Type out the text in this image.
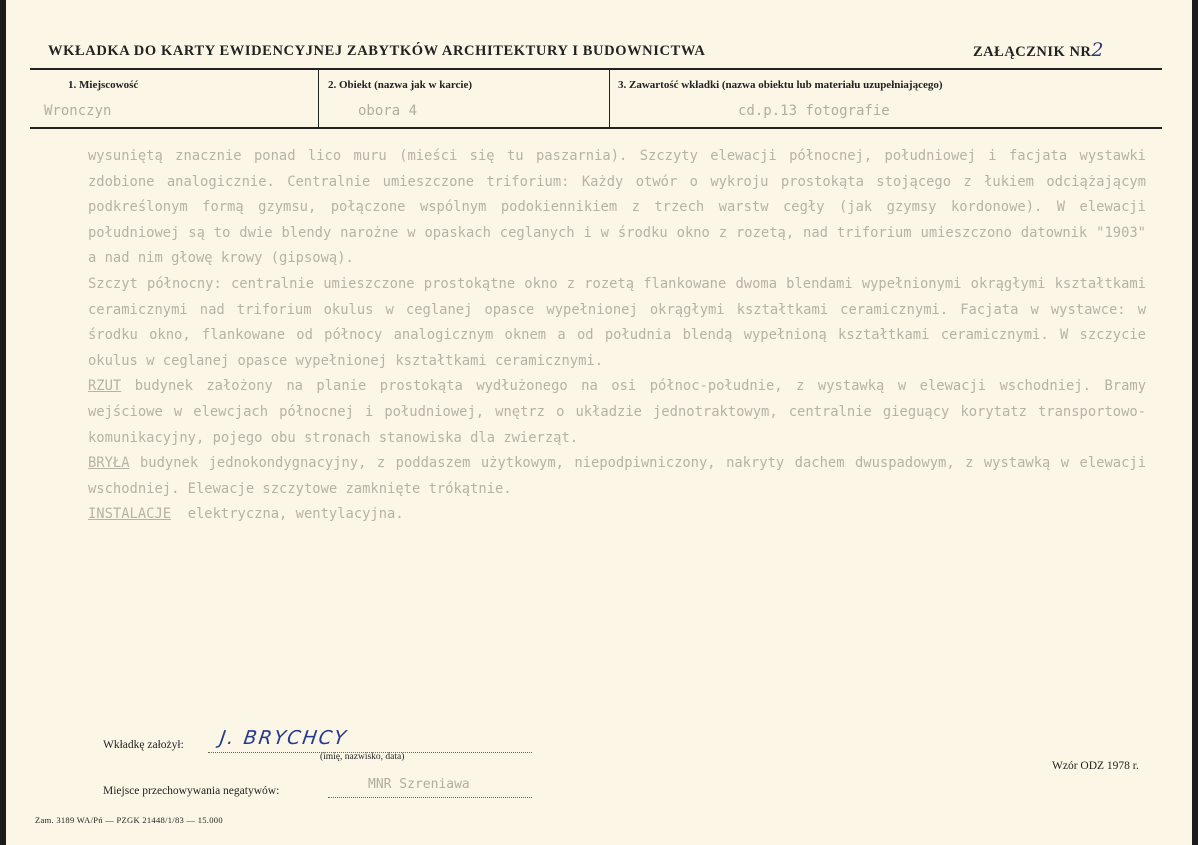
WKŁADKA DO KARTY EWIDENCYJNEJ ZABYTKÓW ARCHITEKTURY I BUDOWNICTWA	ZAŁĄCZNIK NR2
1. Miejscowość	2. Obiekt (nazwa jak w karcie)	3. Zawartość wkładki (nazwa obiektu lub materiału uzupełniającego)
Wronczyn	obora 4	cd.p.13 fotografie

wysuniętą znacznie ponad lico muru (mieści się tu paszarnia). Szczyty elewacji północnej, południowej i facjata wystawki zdobione analogicznie. Centralnie umieszczone triforium: Każdy otwór o wykroju prostokąta stojącego z łukiem odciążającym podkreślonym formą gzymsu, połączone wspólnym podokiennikiem z trzech warstw cegły (jak gzymsy kordonowe). W elewacji południowej są to dwie blendy narożne w opaskach ceglanych i w środku okno z rozetą, nad triforium umieszczono datownik "1903" a nad nim głowę krowy (gipsową).

Szczyt północny: centralnie umieszczone prostokątne okno z rozetą flankowane dwoma blendami wypełnionymi okrągłymi kształtkami ceramicznymi nad triforium okulus w ceglanej opasce wypełnionej okrągłymi kształtkami ceramicznymi. Facjata w wystawce: w środku okno, flankowane od północy analogicznym oknem a od południa blendą wypełnioną kształtkami ceramicznymi. W szczycie okulus w ceglanej opasce wypełnionej kształtkami ceramicznymi.

RZUT budynek założony na planie prostokąta wydłużonego na osi północ-południe, z wystawką w elewacji wschodniej. Bramy wejściowe w elewcjach północnej i południowej, wnętrz o układzie jednotraktowym, centralnie gieguący korytatz transportowo-komunikacyjny, pojego obu stronach stanowiska dla zwierząt.

BRYŁA budynek jednokondygnacyjny, z poddaszem użytkowym, niepodpiwniczony, nakryty dachem dwuspadowym, z wystawką w elewacji wschodniej. Elewacje szczytowe zamknięte trókątnie.

INSTALACJE  elektryczna, wentylacyjna.

Wkładkę założył: J. BRYCHCY
(imię, nazwisko, data)
Miejsce przechowywania negatywów:	MNR Szreniawa
Wzór ODZ 1978 r.
Zam. 3189 WA/Pń — PZGK 21448/1/83 — 15.000
